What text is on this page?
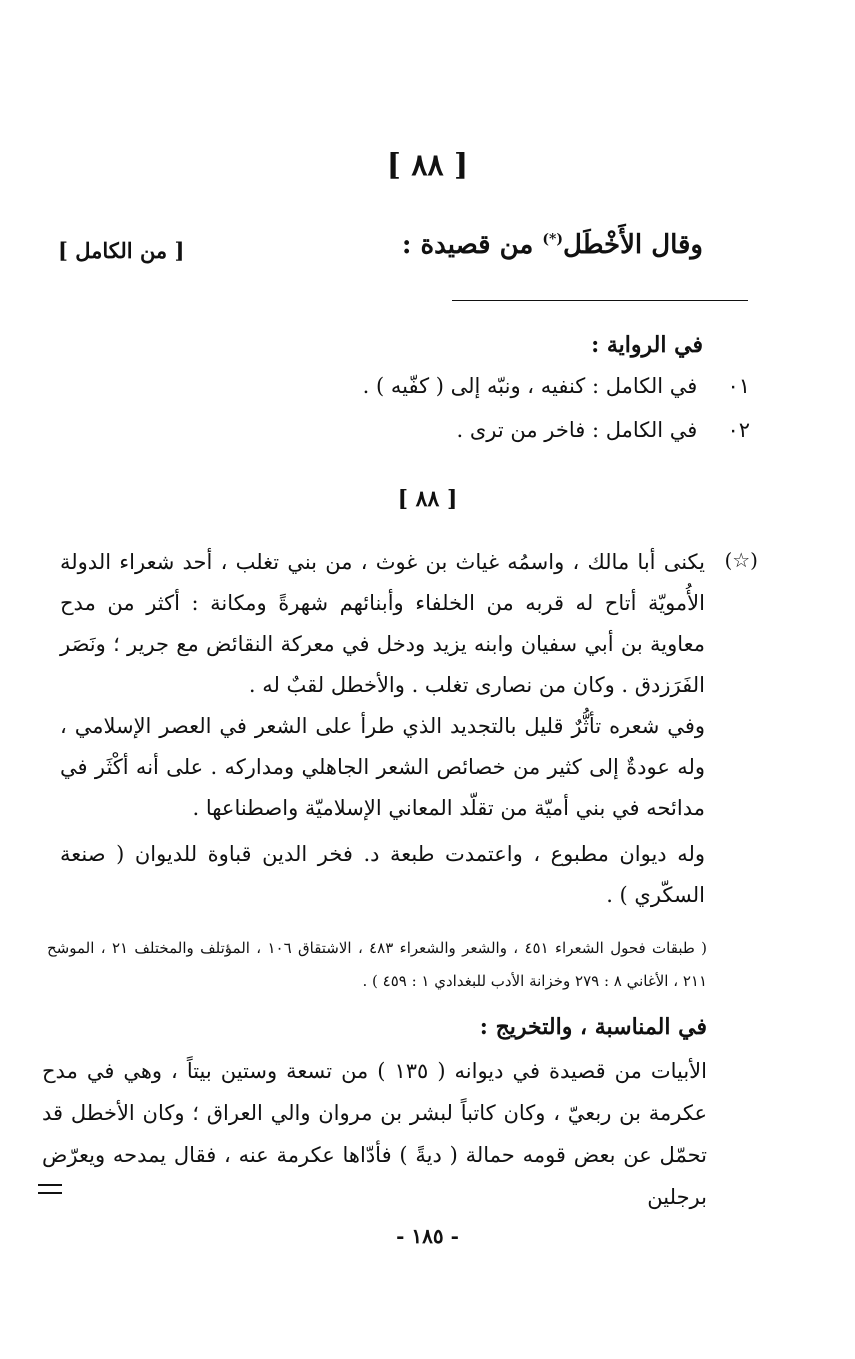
[ ٨٨ ]
وقال الأَخْطَل(*) من قصيدة :
[ من الكامل ]
في الرواية :
٠١ في الكامل : كنفيه ، ونبّه إلى ( كفّيه ) .
٠٢ في الكامل : فاخر من ترى .
[ ٨٨ ]
(☆)
يكنى أبا مالك ، واسمُه غياث بن غوث ، من بني تغلب ، أحد شعراء الدولة الأُمويّة أتاح له قربه من الخلفاء وأبنائهم شهرةً ومكانة : أكثر من مدح معاوية بن أبي سفيان وابنه يزيد ودخل في معركة النقائض مع جرير ؛ ونَصَر الفَرَزدق . وكان من نصارى تغلب . والأخطل لقبٌ له .
وفي شعره تأثُّرٌ قليل بالتجديد الذي طرأ على الشعر في العصر الإسلامي ، وله عودةٌ إلى كثير من خصائص الشعر الجاهلي ومداركه . على أنه أكْثَر في مدائحه في بني أميّة من تقلّد المعاني الإسلاميّة واصطناعها .
وله ديوان مطبوع ، واعتمدت طبعة د. فخر الدين قباوة للديوان ( صنعة السكّري ) .
( طبقات فحول الشعراء ٤٥١ ، والشعر والشعراء ٤٨٣ ، الاشتقاق ١٠٦ ، المؤتلف والمختلف ٢١ ، الموشح ٢١١ ، الأغاني ٨ : ٢٧٩ وخزانة الأدب للبغدادي ١ : ٤٥٩ ) .
في المناسبة ، والتخريج :
الأبيات من قصيدة في ديوانه ( ١٣٥ ) من تسعة وستين بيتاً ، وهي في مدح عكرمة بن ربعيّ ، وكان كاتباً لبشر بن مروان والي العراق ؛ وكان الأخطل قد تحمّل عن بعض قومه حمالة ( ديةً ) فأدّاها عكرمة عنه ، فقال يمدحه ويعرّض برجلين
- ١٨٥ -
